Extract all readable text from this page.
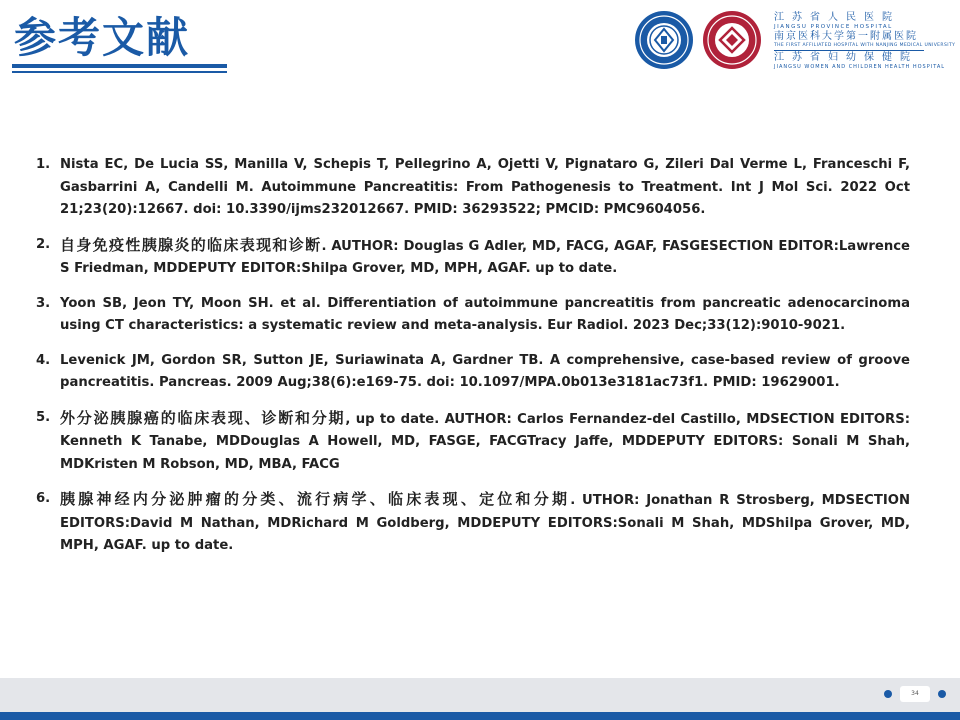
参考文献	江苏省人民医院
JIANGSU PROVINCE HOSPITAL
南京医科大学第一附属医院
THE FIRST AFFILIATED HOSPITAL WITH NANJING MEDICAL UNIVERSITY
江苏省妇幼保健院
JIANGSU WOMEN AND CHILDREN HEALTH HOSPITAL
1. Nista EC, De Lucia SS, Manilla V, Schepis T, Pellegrino A, Ojetti V, Pignataro G, Zileri Dal Verme L, Franceschi F, Gasbarrini A, Candelli M. Autoimmune Pancreatitis: From Pathogenesis to Treatment. Int J Mol Sci. 2022 Oct 21;23(20):12667. doi: 10.3390/ijms232012667. PMID: 36293522; PMCID: PMC9604056.
2. 自身免疫性胰腺炎的临床表现和诊断. AUTHOR: Douglas G Adler, MD, FACG, AGAF, FASGESECTION EDITOR:Lawrence S Friedman, MDDEPUTY EDITOR:Shilpa Grover, MD, MPH, AGAF. up to date.
3. Yoon SB, Jeon TY, Moon SH. et al. Differentiation of autoimmune pancreatitis from pancreatic adenocarcinoma using CT characteristics: a systematic review and meta-analysis. Eur Radiol. 2023 Dec;33(12):9010-9021.
4. Levenick JM, Gordon SR, Sutton JE, Suriawinata A, Gardner TB. A comprehensive, case-based review of groove pancreatitis. Pancreas. 2009 Aug;38(6):e169-75. doi: 10.1097/MPA.0b013e3181ac73f1. PMID: 19629001.
5. 外分泌胰腺癌的临床表现、诊断和分期, up to date. AUTHOR: Carlos Fernandez-del Castillo, MDSECTION EDITORS: Kenneth K Tanabe, MDDouglas A Howell, MD, FASGE, FACGTracy Jaffe, MDDEPUTY EDITORS: Sonali M Shah, MDKristen M Robson, MD, MBA, FACG
6. 胰腺神经内分泌肿瘤的分类、流行病学、临床表现、定位和分期. UTHOR: Jonathan R Strosberg, MDSECTION EDITORS:David M Nathan, MDRichard M Goldberg, MDDEPUTY EDITORS:Sonali M Shah, MDShilpa Grover, MD, MPH, AGAF. up to date.
34
